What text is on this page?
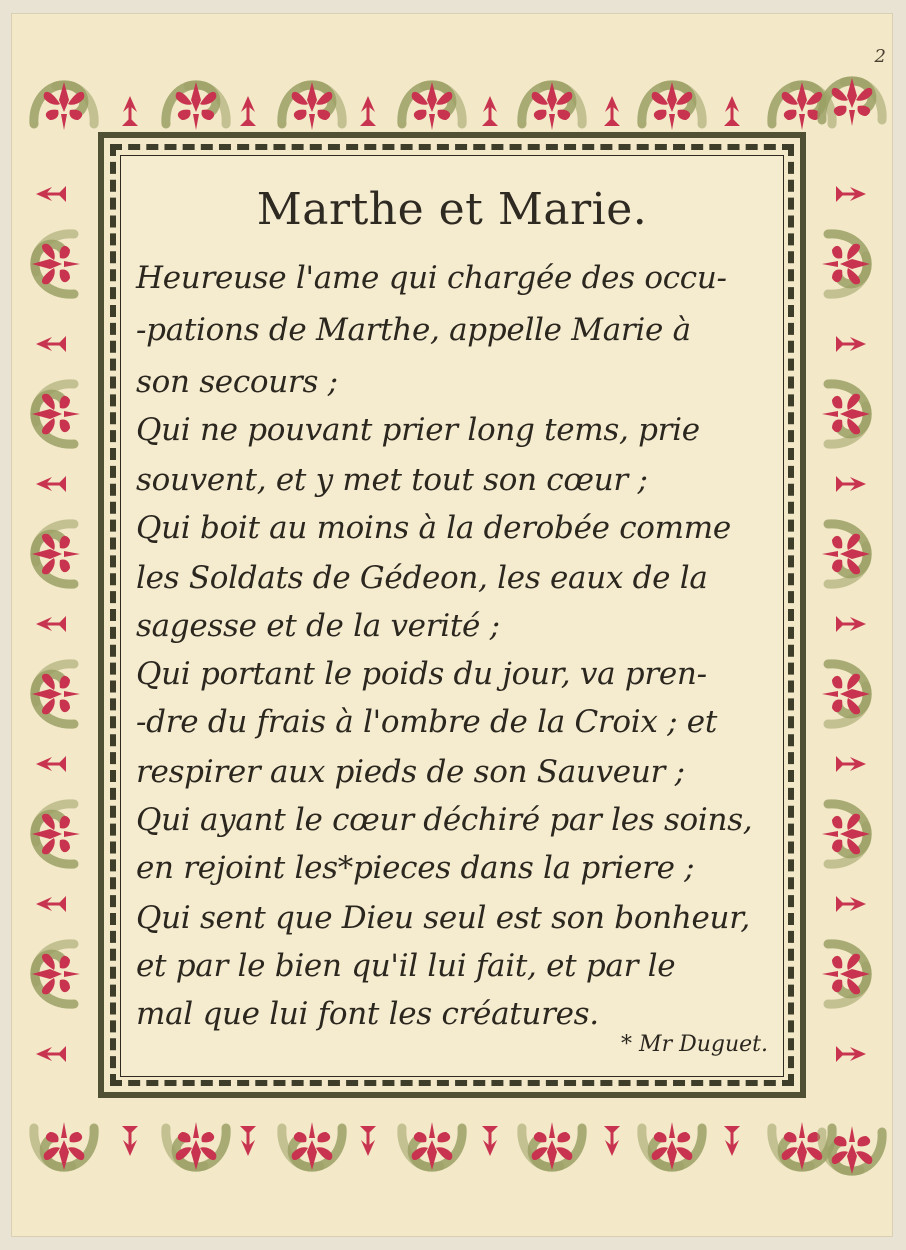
2
Marthe et Marie.
Heureuse l'ame qui chargée des occu-
-pations de Marthe, appelle Marie à
son secours ;
Qui ne pouvant prier long tems, prie
souvent, et y met tout son cœur ;
Qui boit au moins à la derobée comme
les Soldats de Gédeon, les eaux de la
sagesse et de la verité ;
Qui portant le poids du jour, va pren-
-dre du frais à l'ombre de la Croix ; et
respirer aux pieds de son Sauveur ;
Qui ayant le cœur déchiré par les soins,
en rejoint les*pieces dans la priere ;
Qui sent que Dieu seul est son bonheur,
et par le bien qu'il lui fait, et par le
mal que lui font les créatures.
* Mr Duguet.
